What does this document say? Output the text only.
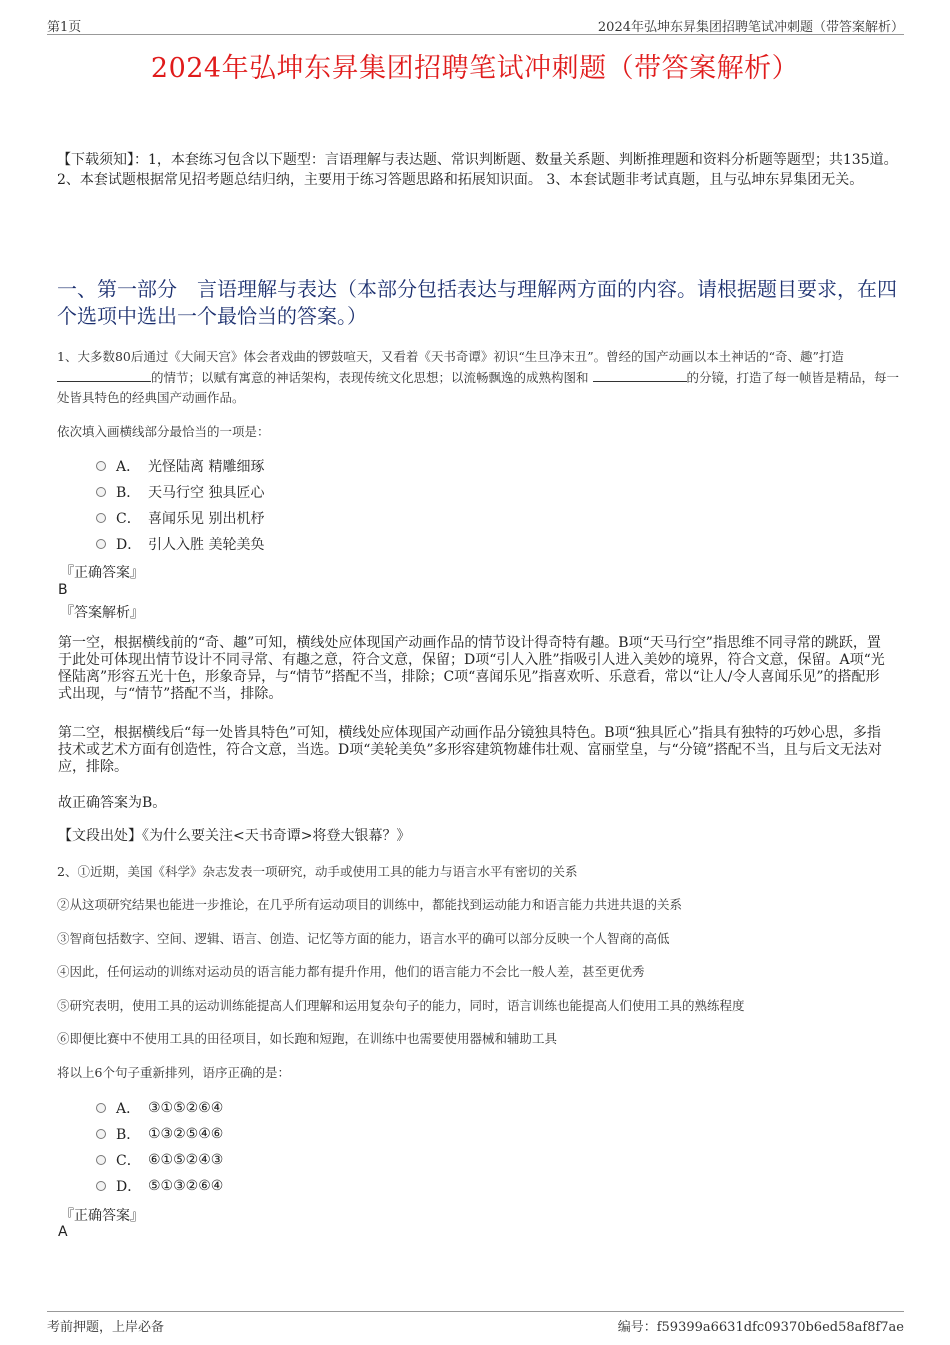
第1页	2024年弘坤东昇集团招聘笔试冲刺题（带答案解析）
2024年弘坤东昇集团招聘笔试冲刺题（带答案解析）
【下载须知】：1，本套练习包含以下题型：言语理解与表达题、常识判断题、数量关系题、判断推理题和资料分析题等题型；共135道。 2、本套试题根据常见招考题总结归纳，主要用于练习答题思路和拓展知识面。 3、本套试题非考试真题，且与弘坤东昇集团无关。
一、第一部分　言语理解与表达（本部分包括表达与理解两方面的内容。请根据题目要求，在四个选项中选出一个最恰当的答案。）
1、大多数80后通过《大闹天宫》体会者戏曲的锣鼓喧天，又看着《天书奇谭》初识“生旦净末丑”。曾经的国产动画以本土神话的“奇、趣”打造
的情节；以赋有寓意的神话架构，表现传统文化思想；以流畅飘逸的成熟构图和	的分镜，打造了每一帧皆是精品，每一处皆具特色的经典国产动画作品。
依次填入画横线部分最恰当的一项是：
A． 光怪陆离 精雕细琢
B． 天马行空 独具匠心
C． 喜闻乐见 别出机杼
D． 引人入胜 美轮美奂
『正确答案』
B
『答案解析』
第一空，根据横线前的“奇、趣”可知，横线处应体现国产动画作品的情节设计得奇特有趣。B项“天马行空”指思维不同寻常的跳跃，置于此处可体现出情节设计不同寻常、有趣之意，符合文意，保留；D项“引人入胜”指吸引人进入美妙的境界，符合文意，保留。A项“光怪陆离”形容五光十色，形象奇异，与“情节”搭配不当，排除；C项“喜闻乐见”指喜欢听、乐意看，常以“让人/令人喜闻乐见”的搭配形式出现，与“情节”搭配不当，排除。
第二空，根据横线后“每一处皆具特色”可知，横线处应体现国产动画作品分镜独具特色。B项“独具匠心”指具有独特的巧妙心思，多指技术或艺术方面有创造性，符合文意，当选。D项“美轮美奂”多形容建筑物雄伟壮观、富丽堂皇，与“分镜”搭配不当，且与后文无法对应，排除。
故正确答案为B。
【文段出处】《为什么要关注<天书奇谭>将登大银幕？》
2、①近期，美国《科学》杂志发表一项研究，动手或使用工具的能力与语言水平有密切的关系
②从这项研究结果也能进一步推论，在几乎所有运动项目的训练中，都能找到运动能力和语言能力共进共退的关系
③智商包括数字、空间、逻辑、语言、创造、记忆等方面的能力，语言水平的确可以部分反映一个人智商的高低
④因此，任何运动的训练对运动员的语言能力都有提升作用，他们的语言能力不会比一般人差，甚至更优秀
⑤研究表明，使用工具的运动训练能提高人们理解和运用复杂句子的能力，同时，语言训练也能提高人们使用工具的熟练程度
⑥即便比赛中不使用工具的田径项目，如长跑和短跑，在训练中也需要使用器械和辅助工具
将以上6个句子重新排列，语序正确的是：
A． ③①⑤②⑥④
B． ①③②⑤④⑥
C． ⑥①⑤②④③
D． ⑤①③②⑥④
『正确答案』
A
考前押题，上岸必备	编号：f59399a6631dfc09370b6ed58af8f7ae
